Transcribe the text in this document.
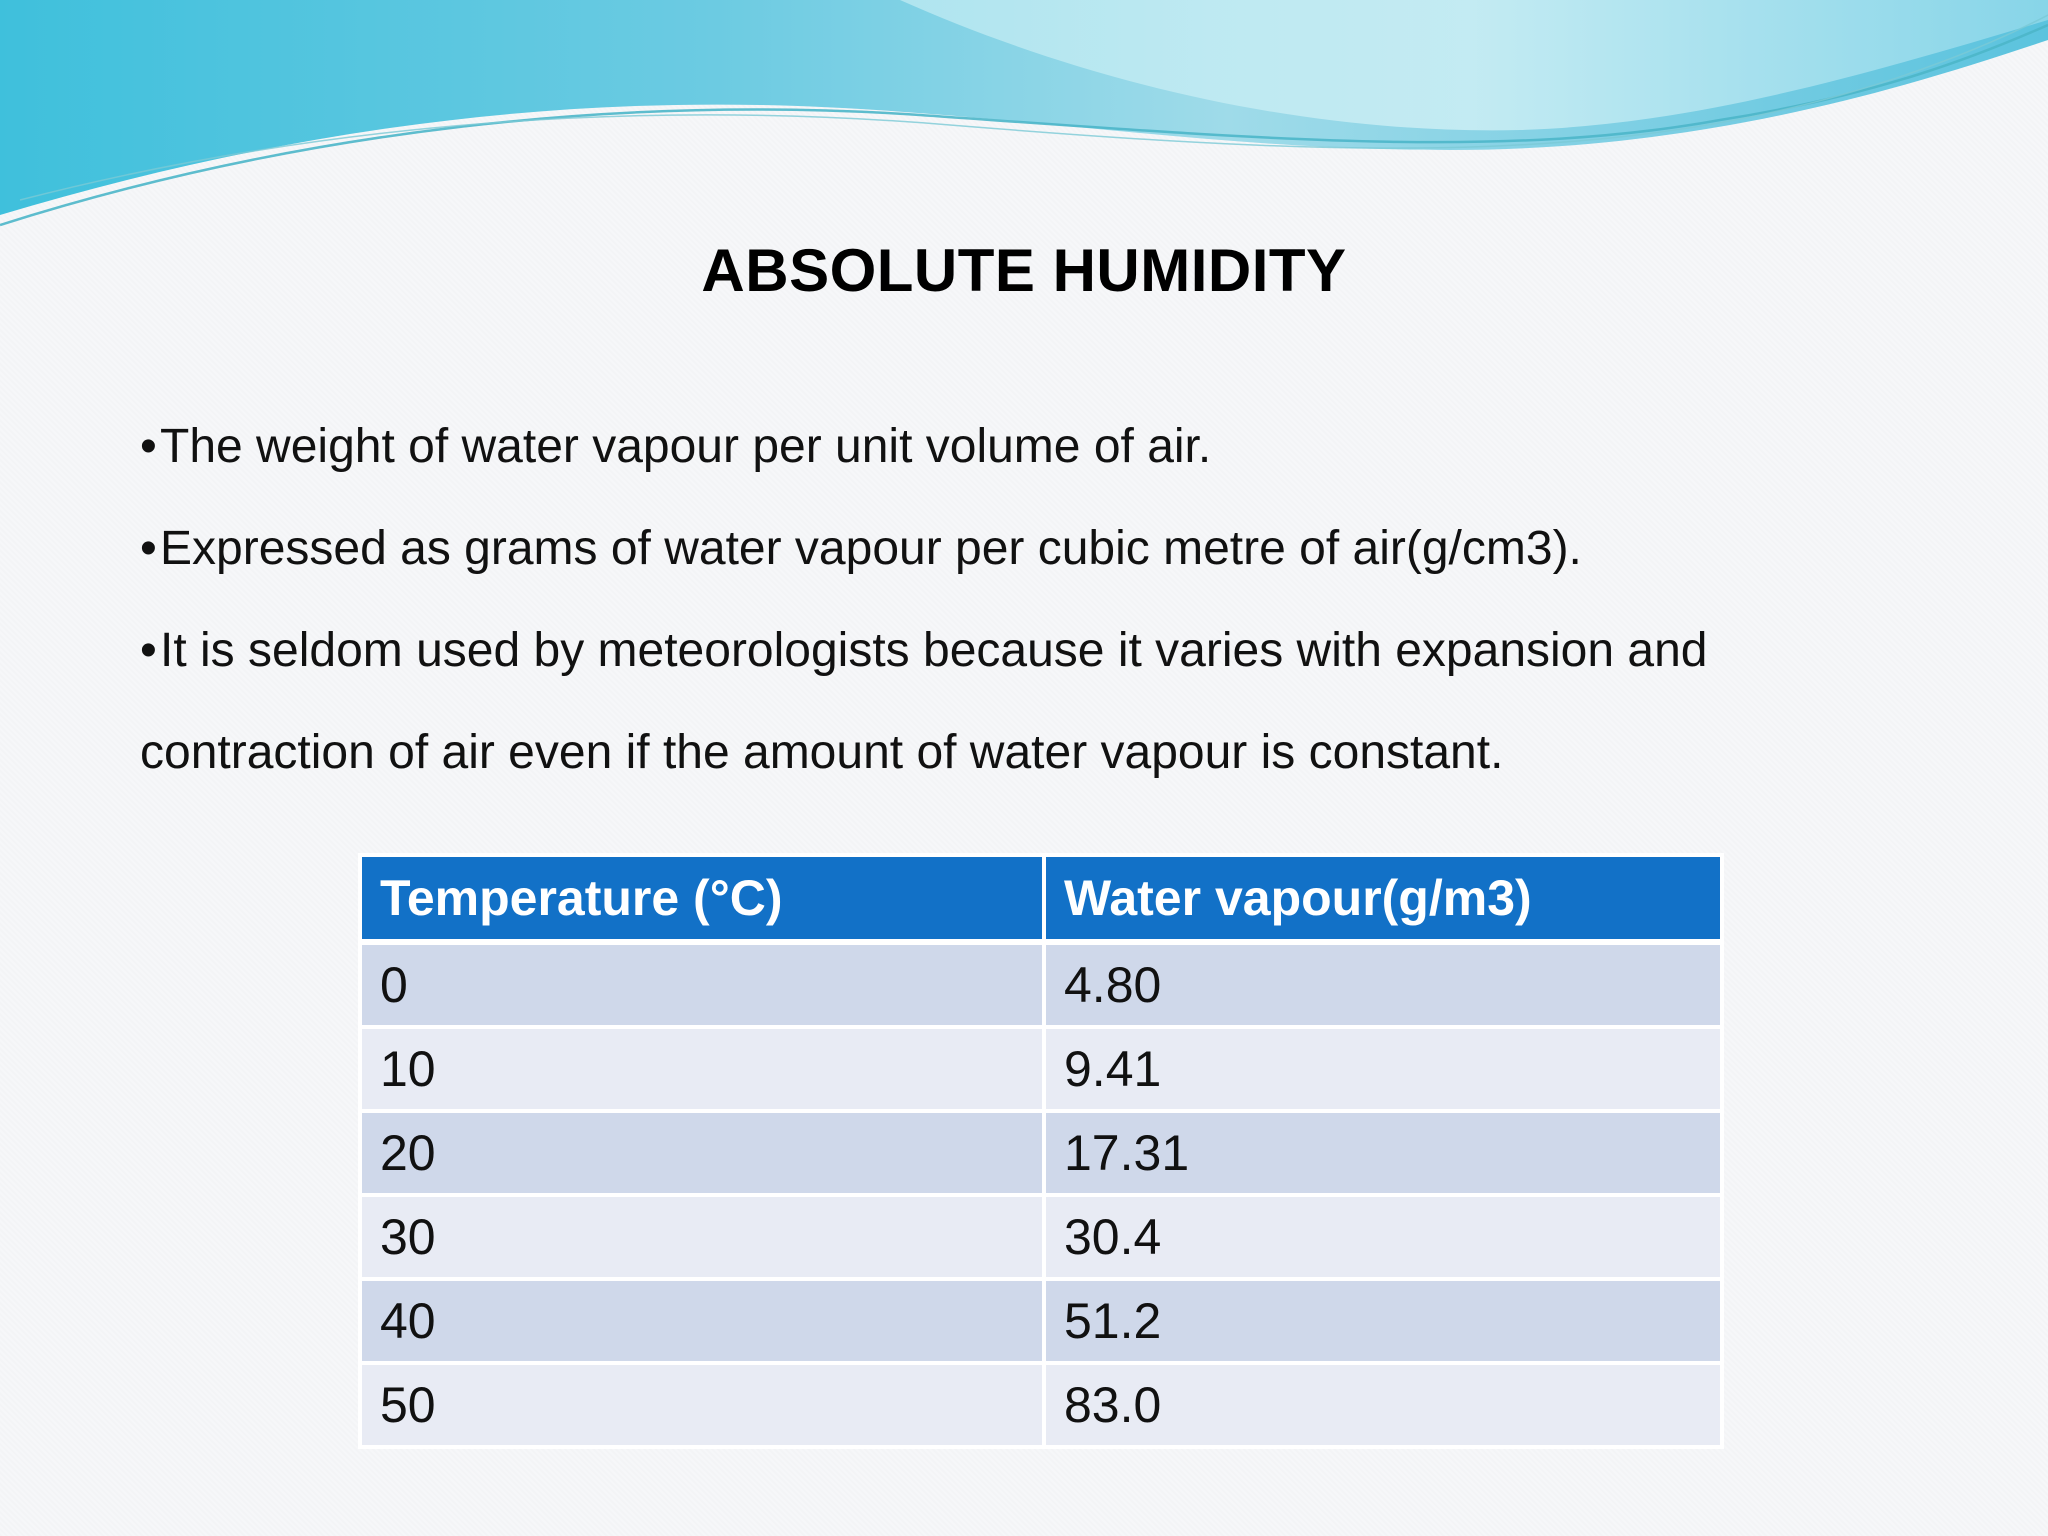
ABSOLUTE HUMIDITY
•The weight of water vapour per unit volume of air.
•Expressed as grams of water vapour per cubic metre of air(g/cm3).
•It is seldom used by meteorologists because it varies with expansion and
contraction of air even if the amount of water vapour is constant.
Temperature (°C)	Water vapour(g/m3)
0	4.80
10	9.41
20	17.31
30	30.4
40	51.2
50	83.0
